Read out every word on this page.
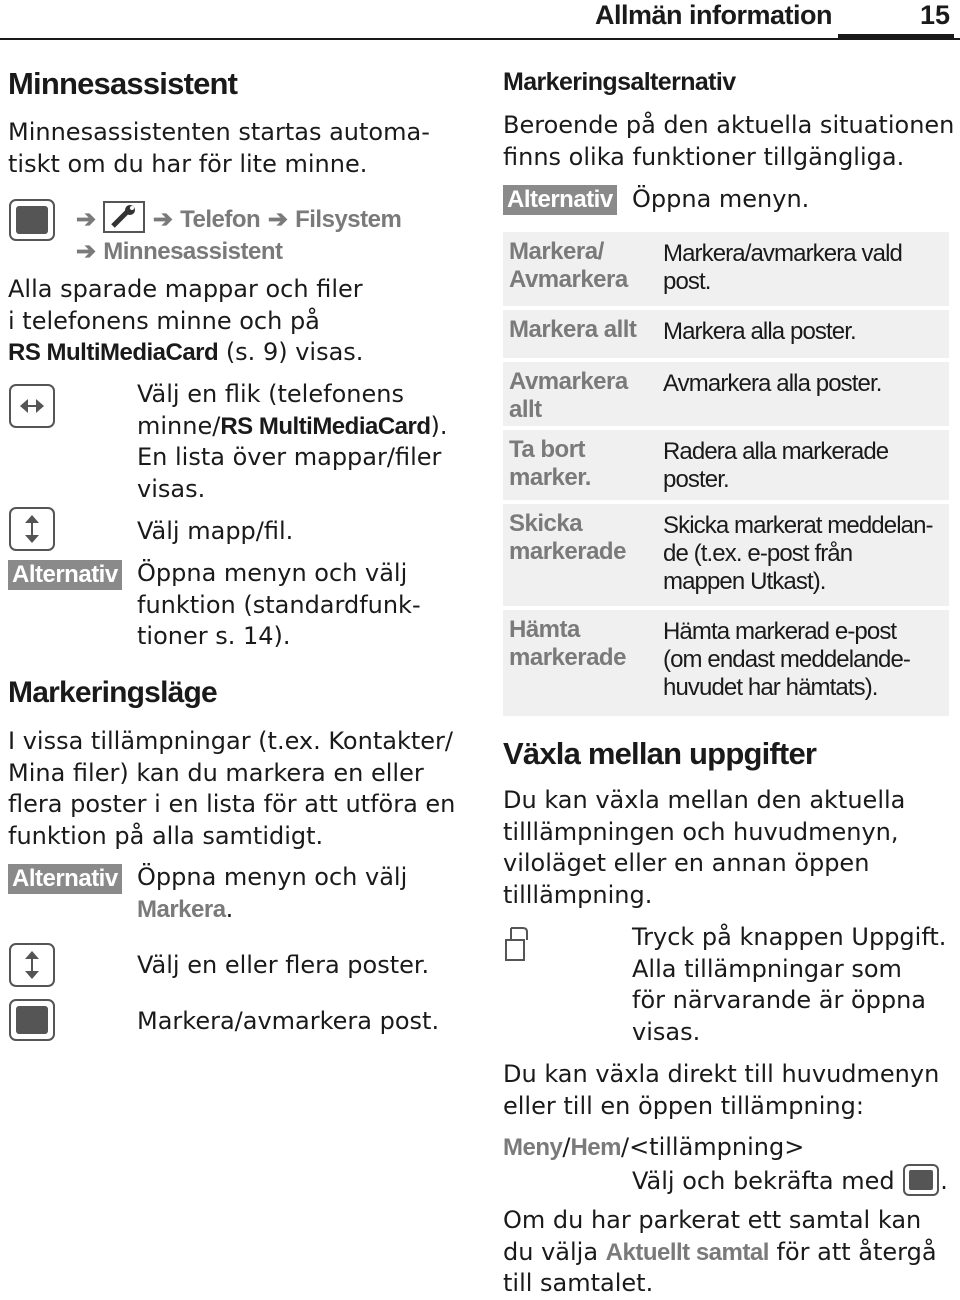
Allmän information	15
Minnesassistent
Minnesassistenten startas automa-
tiskt om du har för lite minne.
➔ ➔ Telefon ➔ Filsystem
➔ Minnesassistent
Alla sparade mappar och filer
i telefonens minne och på
RS MultiMediaCard (s. 9) visas.
Välj en flik (telefonens
minne/RS MultiMediaCard).
En lista över mappar/filer
visas.
Välj mapp/fil.
Alternativ Öppna menyn och välj
funktion (standardfunk-
tioner s. 14).
Markeringsläge
I vissa tillämpningar (t.ex. Kontakter/
Mina filer) kan du markera en eller
flera poster i en lista för att utföra en
funktion på alla samtidigt.
Alternativ Öppna menyn och välj
Markera.
Välj en eller flera poster.
Markera/avmarkera post.
Markeringsalternativ
Beroende på den aktuella situationen
finns olika funktioner tillgängliga.
Alternativ Öppna menyn.
Markera/
Avmarkera
Markera/avmarkera vald
post.
Markera allt Markera alla poster.
Avmarkera
allt
Avmarkera alla poster.
Ta bort
marker.
Radera alla markerade
poster.
Skicka
markerade
Skicka markerat meddelan-
de (t.ex. e-post från
mappen Utkast).
Hämta
markerade
Hämta markerad e-post
(om endast meddelande-
huvudet har hämtats).
Växla mellan uppgifter
Du kan växla mellan den aktuella
tilllämpningen och huvudmenyn,
viloläget eller en annan öppen
tilllämpning.
Tryck på knappen Uppgift.
Alla tillämpningar som
för närvarande är öppna
visas.
Du kan växla direkt till huvudmenyn
eller till en öppen tillämpning:
Meny/Hem/<tillämpning>
Välj och bekräfta med .
Om du har parkerat ett samtal kan
du välja Aktuellt samtal för att återgå
till samtalet.
